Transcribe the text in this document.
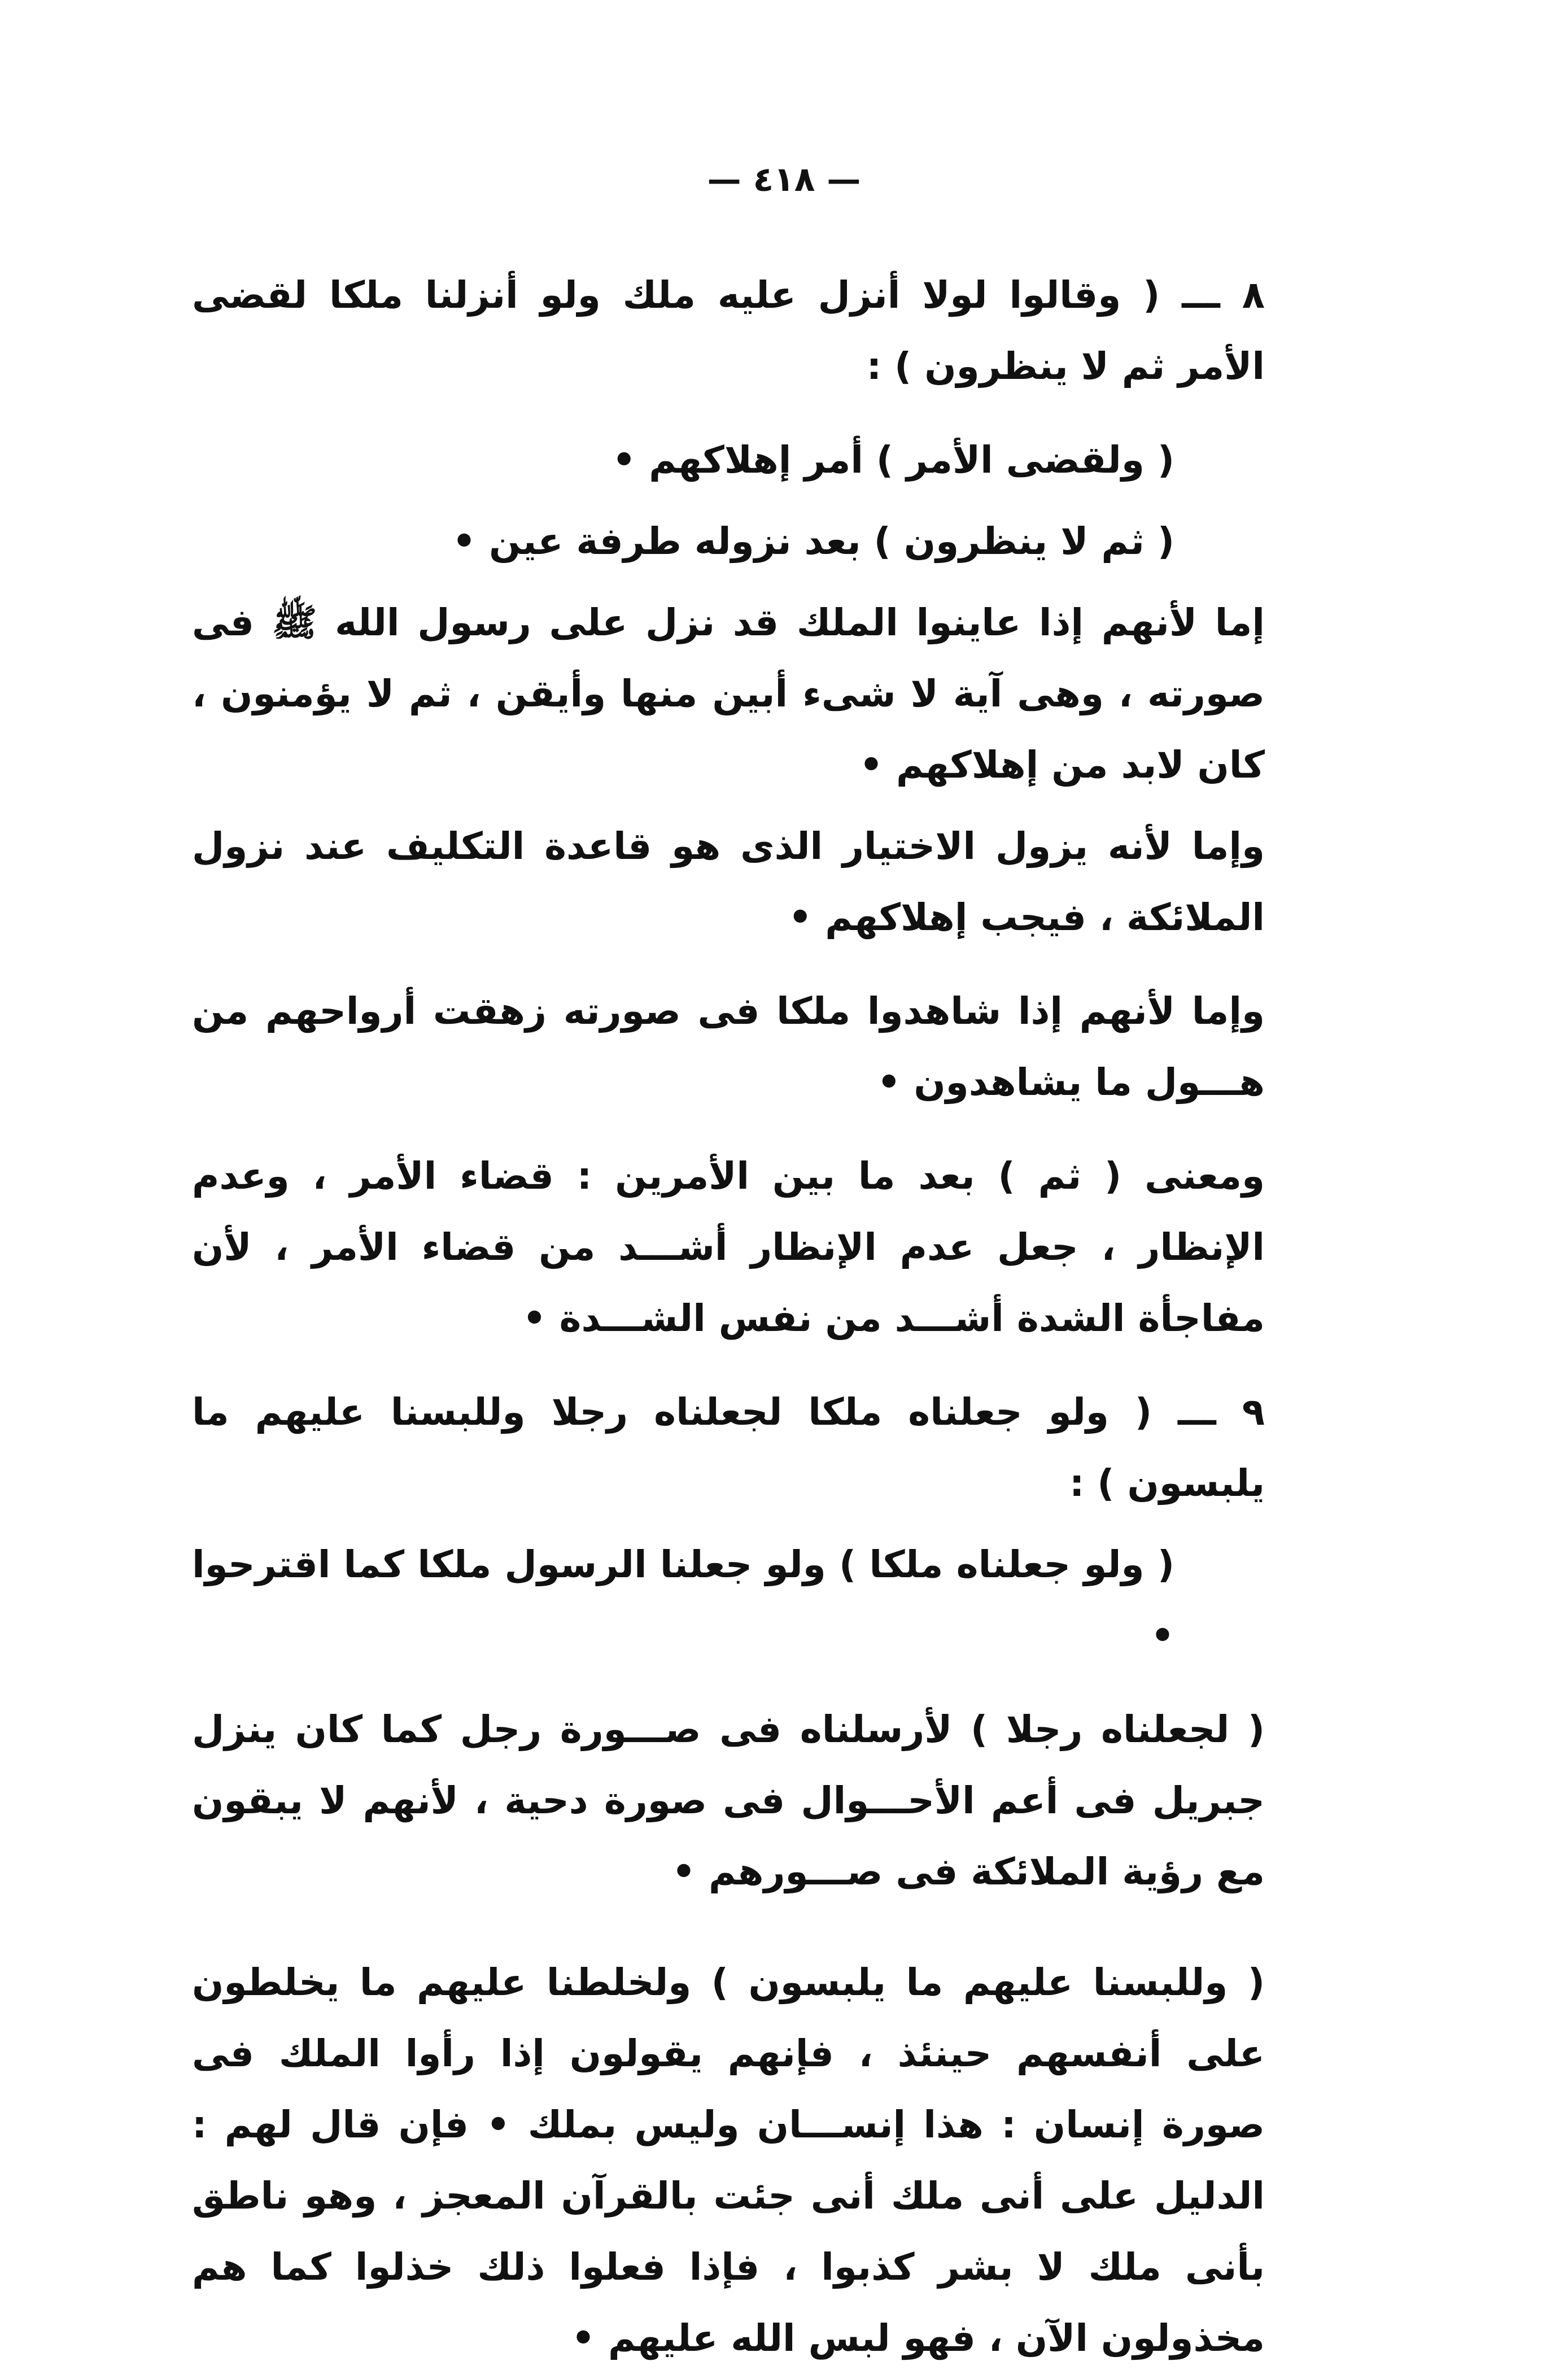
— ٤١٨ —

٨ ـــ ( وقالوا لولا أنزل عليه ملك ولو أنزلنا ملكا لقضى الأمر ثم لا ينظرون ) :

( ولقضى الأمر ) أمر إهلاكهم •

( ثم لا ينظرون ) بعد نزوله طرفة عين •

إما لأنهم إذا عاينوا الملك قد نزل على رسول الله ﷺ فى صورته ، وهى آية لا شىء أبين منها وأيقن ، ثم لا يؤمنون ، كان لابد من إهلاكهم •

وإما لأنه يزول الاختيار الذى هو قاعدة التكليف عند نزول الملائكة ، فيجب إهلاكهم •

وإما لأنهم إذا شاهدوا ملكا فى صورته زهقت أرواحهم من هـــول ما يشاهدون •

ومعنى ( ثم ) بعد ما بين الأمرين : قضاء الأمر ، وعدم الإنظار ، جعل عدم الإنظار أشـــد من قضاء الأمر ، لأن مفاجأة الشدة أشـــد من نفس الشـــدة •

٩ ـــ ( ولو جعلناه ملكا لجعلناه رجلا وللبسنا عليهم ما يلبسون ) :

( ولو جعلناه ملكا ) ولو جعلنا الرسول ملكا كما اقترحوا •

( لجعلناه رجلا ) لأرسلناه فى صـــورة رجل كما كان ينزل جبريل فى أعم الأحـــوال فى صورة دحية ، لأنهم لا يبقون مع رؤية الملائكة فى صـــورهم •

( وللبسنا عليهم ما يلبسون ) ولخلطنا عليهم ما يخلطون على أنفسهم حينئذ ، فإنهم يقولون إذا رأوا الملك فى صورة إنسان : هذا إنســـان وليس بملك • فإن قال لهم : الدليل على أنى ملك أنى جئت بالقرآن المعجز ، وهو ناطق بأنى ملك لا بشر كذبوا ، فإذا فعلوا ذلك خذلوا كما هم مخذولون الآن ، فهو لبس الله عليهم •
